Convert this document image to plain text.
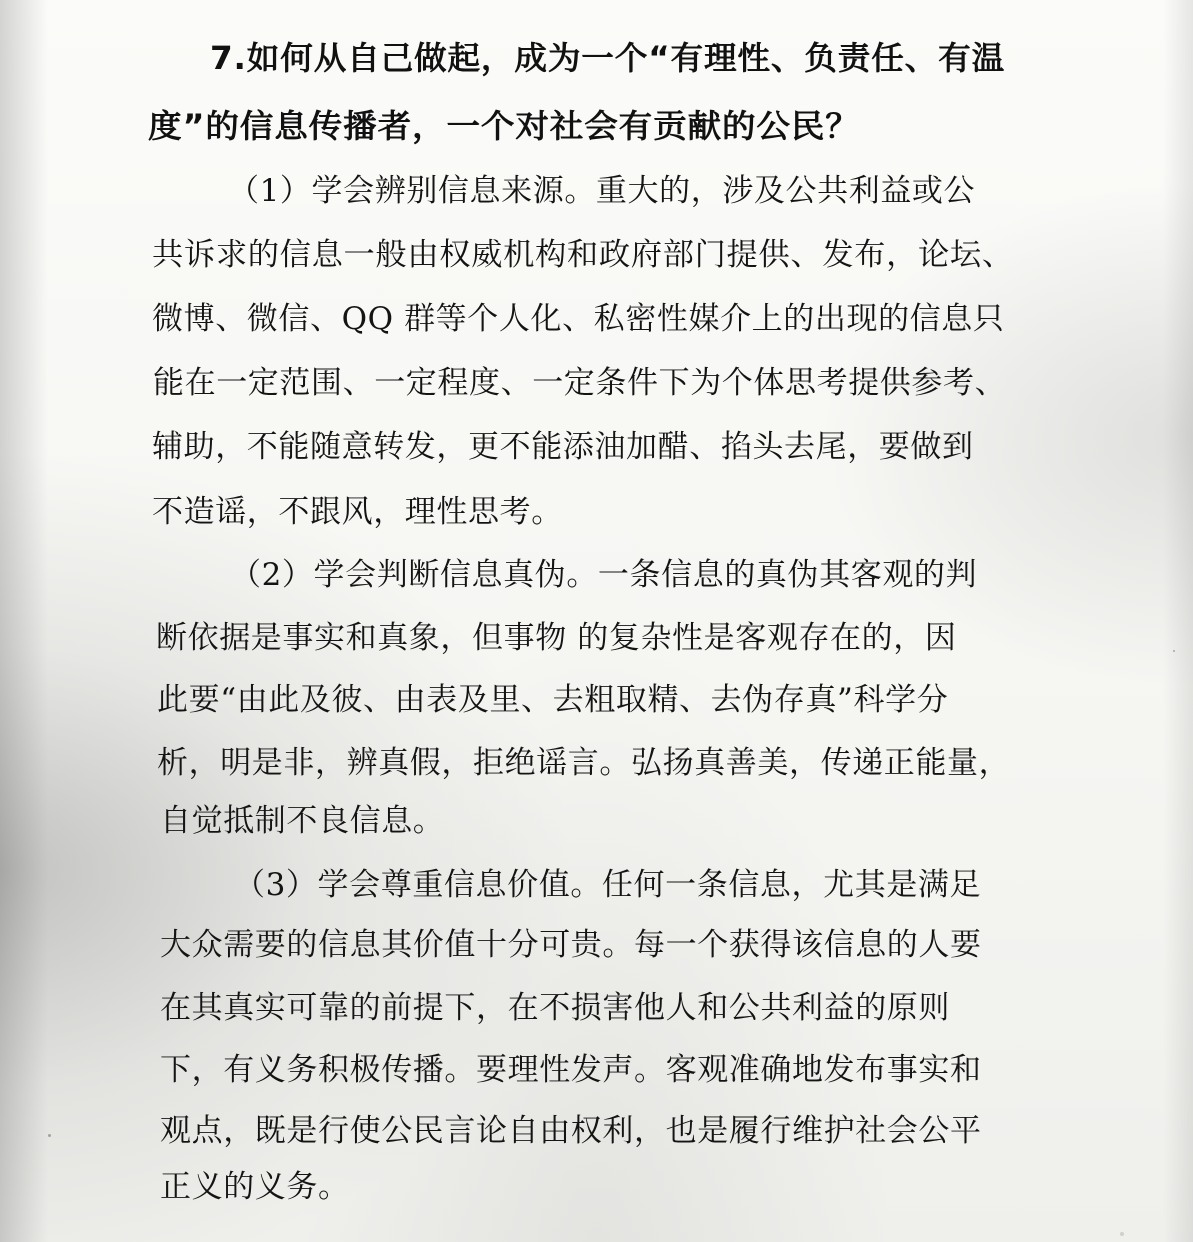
7.如何从自己做起，成为一个“有理性、负责任、有温

度”的信息传播者，一个对社会有贡献的公民？

（1）学会辨别信息来源。重大的，涉及公共利益或公

共诉求的信息一般由权威机构和政府部门提供、发布，论坛、

微博、微信、QQ 群等个人化、私密性媒介上的出现的信息只

能在一定范围、一定程度、一定条件下为个体思考提供参考、

辅助，不能随意转发，更不能添油加醋、掐头去尾，要做到

不造谣，不跟风，理性思考。

（2）学会判断信息真伪。一条信息的真伪其客观的判

断依据是事实和真象，但事物 的复杂性是客观存在的，因

此要“由此及彼、由表及里、去粗取精、去伪存真”科学分

析，明是非，辨真假，拒绝谣言。弘扬真善美，传递正能量，

自觉抵制不良信息。

（3）学会尊重信息价值。任何一条信息，尤其是满足

大众需要的信息其价值十分可贵。每一个获得该信息的人要

在其真实可靠的前提下，在不损害他人和公共利益的原则

下，有义务积极传播。要理性发声。客观准确地发布事实和

观点，既是行使公民言论自由权利，也是履行维护社会公平

正义的义务。
